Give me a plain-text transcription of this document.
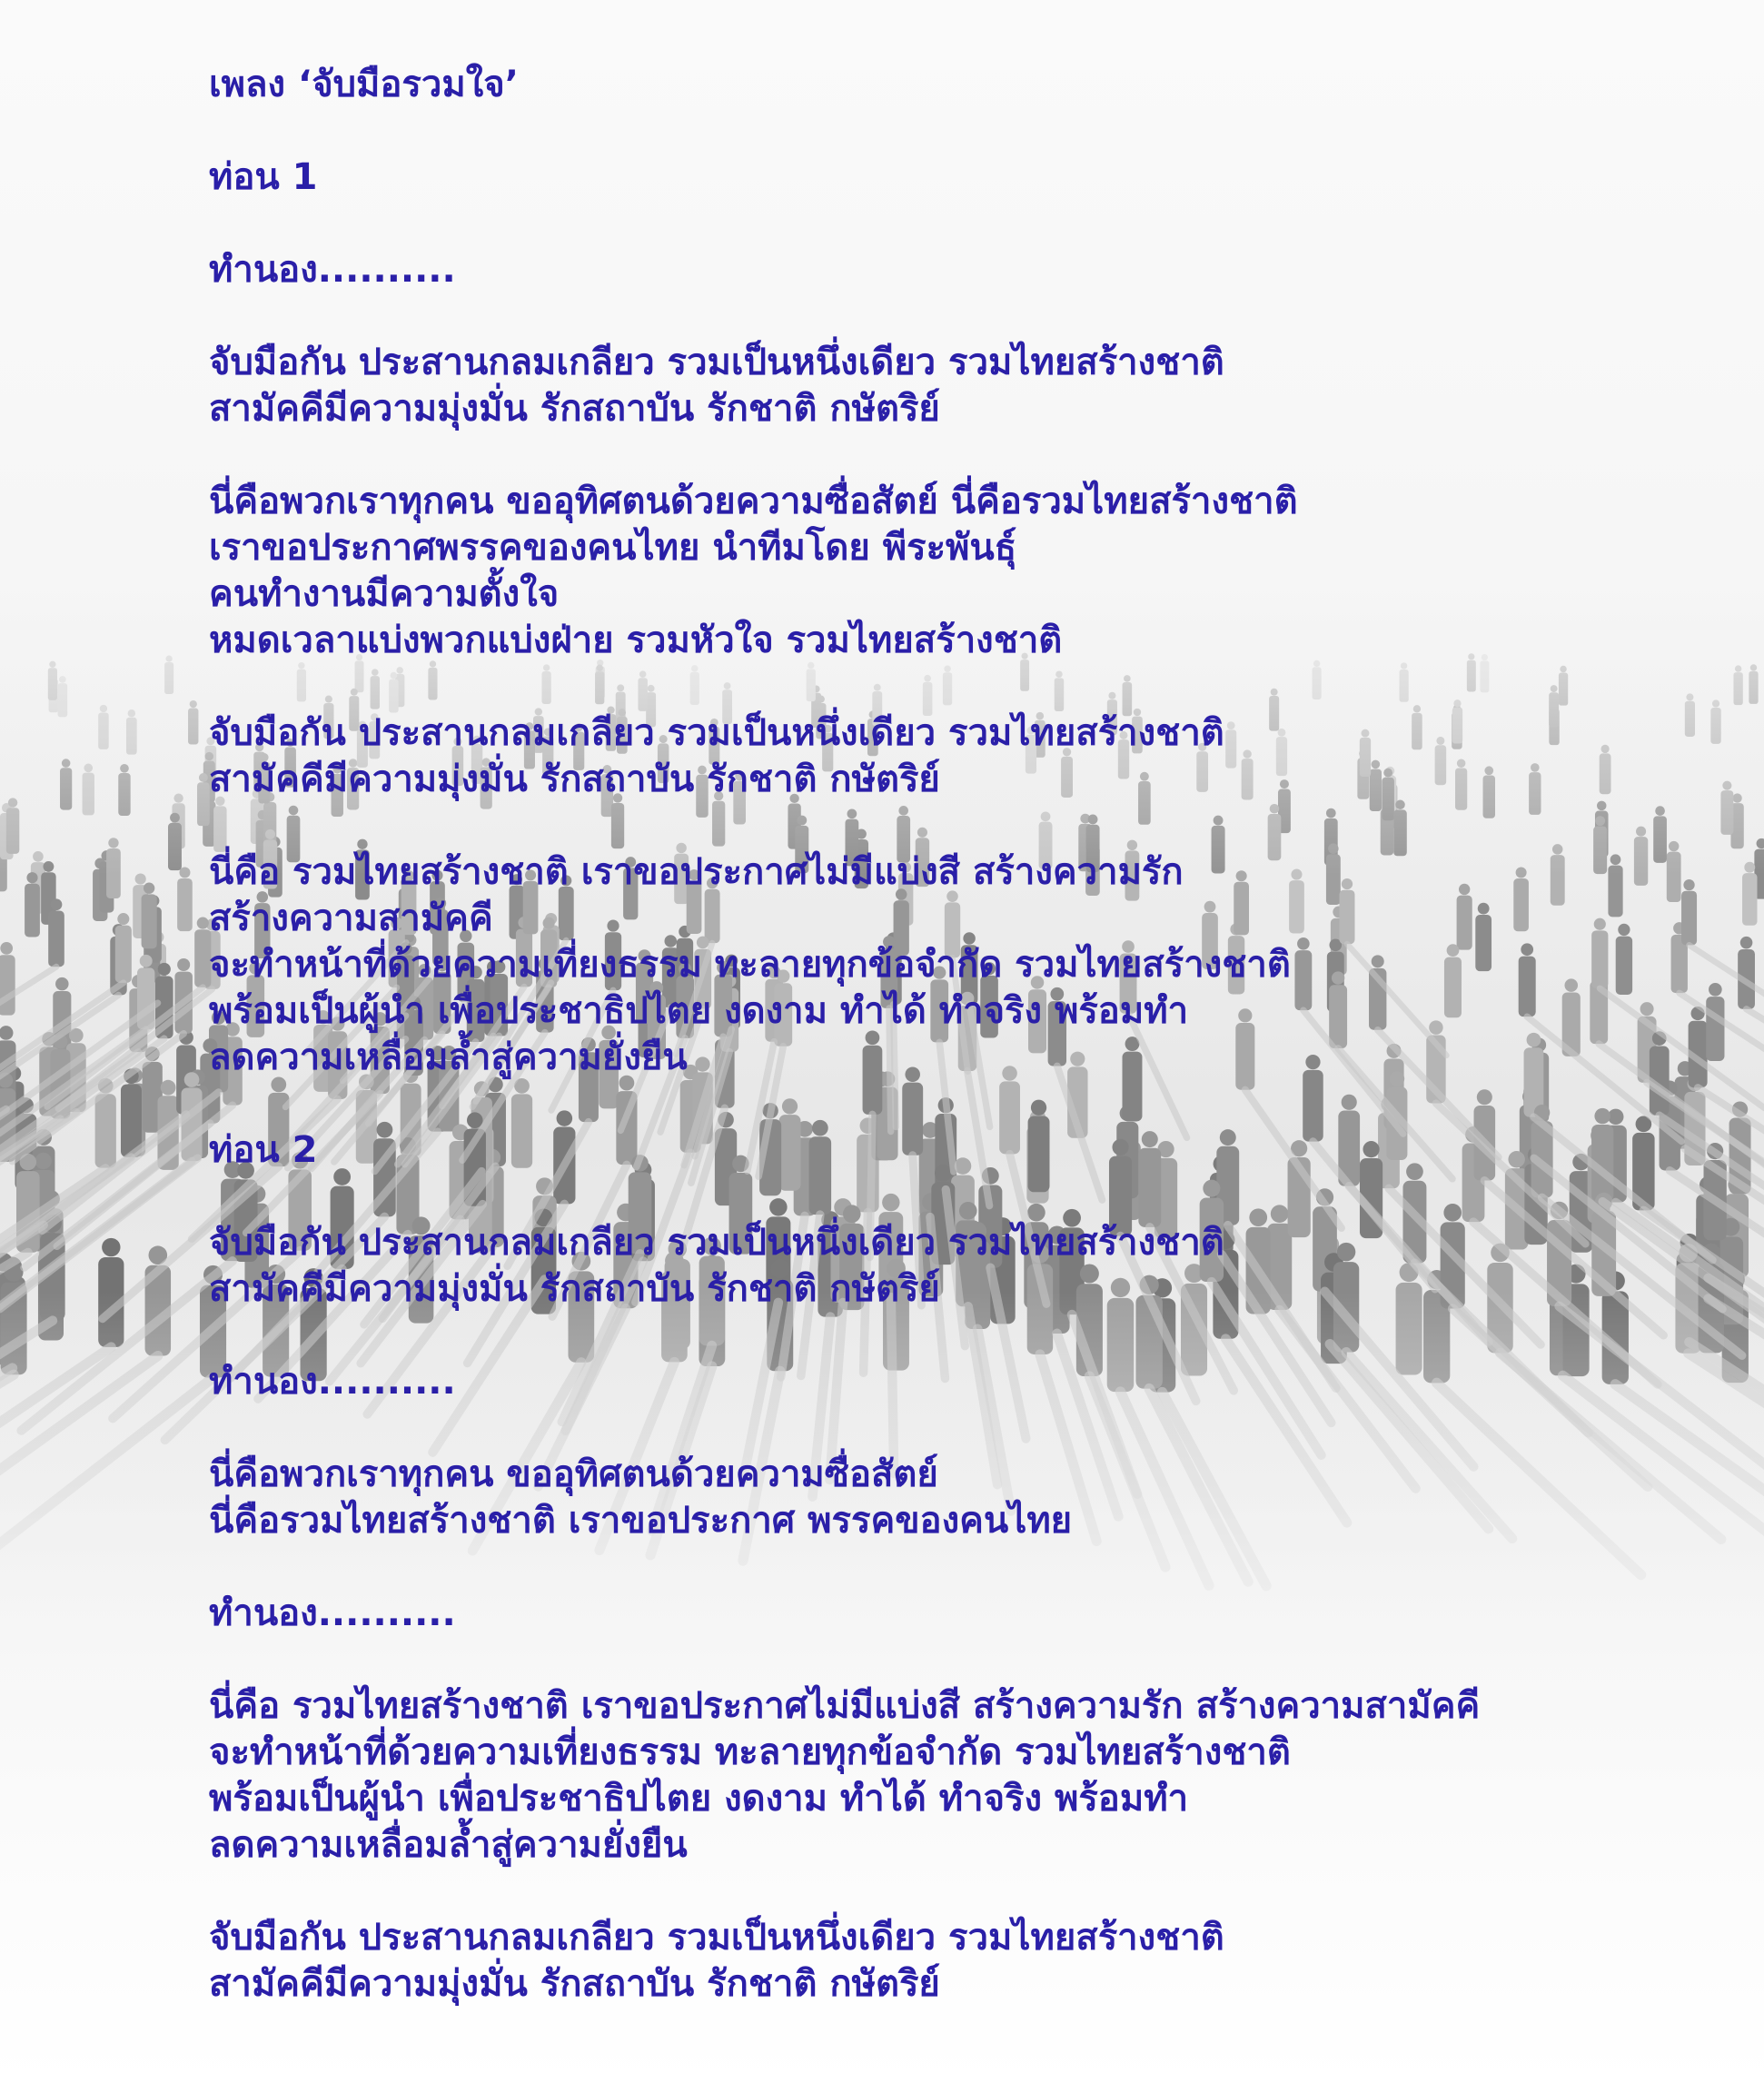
เพลง ‘จับมือรวมใจ’
ท่อน 1
ทำนอง..........
จับมือกัน ประสานกลมเกลียว รวมเป็นหนึ่งเดียว รวมไทยสร้างชาติ
สามัคคีมีความมุ่งมั่น รักสถาบัน รักชาติ กษัตริย์
นี่คือพวกเราทุกคน ขออุทิศตนด้วยความซื่อสัตย์ นี่คือรวมไทยสร้างชาติ
เราขอประกาศพรรคของคนไทย นำทีมโดย พีระพันธุ์
คนทำงานมีความตั้งใจ
หมดเวลาแบ่งพวกแบ่งฝ่าย รวมหัวใจ รวมไทยสร้างชาติ
จับมือกัน ประสานกลมเกลียว รวมเป็นหนึ่งเดียว รวมไทยสร้างชาติ
สามัคคีมีความมุ่งมั่น รักสถาบัน รักชาติ กษัตริย์
นี่คือ รวมไทยสร้างชาติ เราขอประกาศไม่มีแบ่งสี สร้างความรัก
สร้างความสามัคคี
จะทำหน้าที่ด้วยความเที่ยงธรรม ทะลายทุกข้อจำกัด รวมไทยสร้างชาติ
พร้อมเป็นผู้นำ เพื่อประชาธิปไตย งดงาม ทำได้ ทำจริง พร้อมทำ
ลดความเหลื่อมล้ำสู่ความยั่งยืน
ท่อน 2
จับมือกัน ประสานกลมเกลียว รวมเป็นหนึ่งเดียว รวมไทยสร้างชาติ
สามัคคีมีความมุ่งมั่น รักสถาบัน รักชาติ กษัตริย์
ทำนอง..........
นี่คือพวกเราทุกคน ขออุทิศตนด้วยความซื่อสัตย์
นี่คือรวมไทยสร้างชาติ เราขอประกาศ พรรคของคนไทย
ทำนอง..........
นี่คือ รวมไทยสร้างชาติ เราขอประกาศไม่มีแบ่งสี สร้างความรัก สร้างความสามัคคี
จะทำหน้าที่ด้วยความเที่ยงธรรม ทะลายทุกข้อจำกัด รวมไทยสร้างชาติ
พร้อมเป็นผู้นำ เพื่อประชาธิปไตย งดงาม ทำได้ ทำจริง พร้อมทำ
ลดความเหลื่อมล้ำสู่ความยั่งยืน
จับมือกัน ประสานกลมเกลียว รวมเป็นหนึ่งเดียว รวมไทยสร้างชาติ
สามัคคีมีความมุ่งมั่น รักสถาบัน รักชาติ กษัตริย์
